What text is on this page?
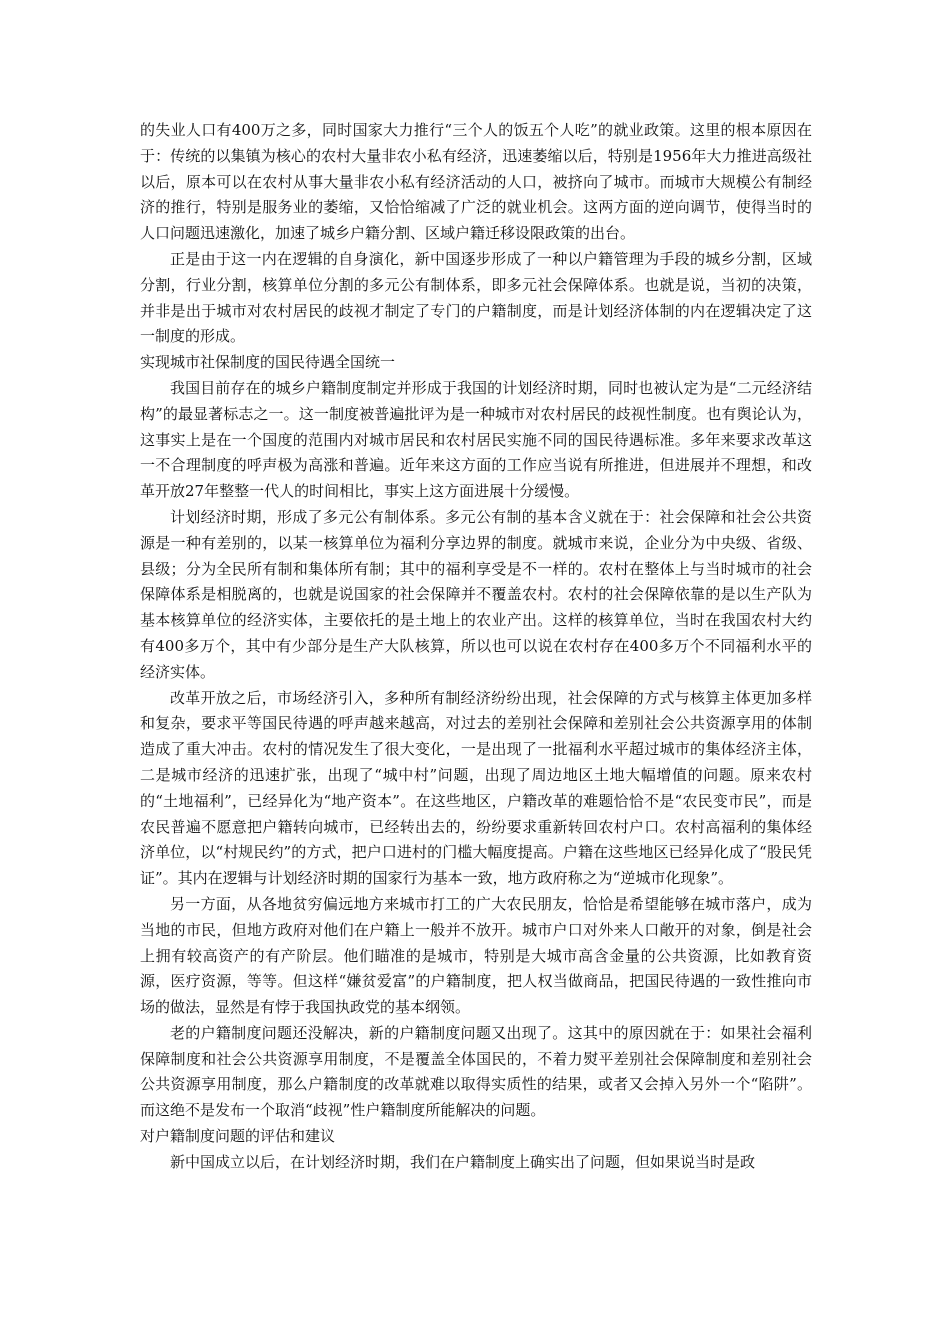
的失业人口有400万之多，同时国家大力推行“三个人的饭五个人吃”的就业政策。这里的根本原因在于：传统的以集镇为核心的农村大量非农小私有经济，迅速萎缩以后，特别是1956年大力推进高级社以后，原本可以在农村从事大量非农小私有经济活动的人口，被挤向了城市。而城市大规模公有制经济的推行，特别是服务业的萎缩，又恰恰缩减了广泛的就业机会。这两方面的逆向调节，使得当时的人口问题迅速激化，加速了城乡户籍分割、区域户籍迁移设限政策的出台。

正是由于这一内在逻辑的自身演化，新中国逐步形成了一种以户籍管理为手段的城乡分割，区域分割，行业分割，核算单位分割的多元公有制体系，即多元社会保障体系。也就是说，当初的决策，并非是出于城市对农村居民的歧视才制定了专门的户籍制度，而是计划经济体制的内在逻辑决定了这一制度的形成。

实现城市社保制度的国民待遇全国统一

我国目前存在的城乡户籍制度制定并形成于我国的计划经济时期，同时也被认定为是“二元经济结构”的最显著标志之一。这一制度被普遍批评为是一种城市对农村居民的歧视性制度。也有舆论认为，这事实上是在一个国度的范围内对城市居民和农村居民实施不同的国民待遇标准。多年来要求改革这一不合理制度的呼声极为高涨和普遍。近年来这方面的工作应当说有所推进，但进展并不理想，和改革开放27年整整一代人的时间相比，事实上这方面进展十分缓慢。

计划经济时期，形成了多元公有制体系。多元公有制的基本含义就在于：社会保障和社会公共资源是一种有差别的，以某一核算单位为福利分享边界的制度。就城市来说，企业分为中央级、省级、县级；分为全民所有制和集体所有制；其中的福利享受是不一样的。农村在整体上与当时城市的社会保障体系是相脱离的，也就是说国家的社会保障并不覆盖农村。农村的社会保障依靠的是以生产队为基本核算单位的经济实体，主要依托的是土地上的农业产出。这样的核算单位，当时在我国农村大约有400多万个，其中有少部分是生产大队核算，所以也可以说在农村存在400多万个不同福利水平的经济实体。

改革开放之后，市场经济引入，多种所有制经济纷纷出现，社会保障的方式与核算主体更加多样和复杂，要求平等国民待遇的呼声越来越高，对过去的差别社会保障和差别社会公共资源享用的体制造成了重大冲击。农村的情况发生了很大变化，一是出现了一批福利水平超过城市的集体经济主体，二是城市经济的迅速扩张，出现了“城中村”问题，出现了周边地区土地大幅增值的问题。原来农村的“土地福利”，已经异化为“地产资本”。在这些地区，户籍改革的难题恰恰不是“农民变市民”，而是农民普遍不愿意把户籍转向城市，已经转出去的，纷纷要求重新转回农村户口。农村高福利的集体经济单位，以“村规民约”的方式，把户口进村的门槛大幅度提高。户籍在这些地区已经异化成了“股民凭证”。其内在逻辑与计划经济时期的国家行为基本一致，地方政府称之为“逆城市化现象”。

另一方面，从各地贫穷偏远地方来城市打工的广大农民朋友，恰恰是希望能够在城市落户，成为当地的市民，但地方政府对他们在户籍上一般并不放开。城市户口对外来人口敞开的对象，倒是社会上拥有较高资产的有产阶层。他们瞄准的是城市，特别是大城市高含金量的公共资源，比如教育资源，医疗资源，等等。但这样“嫌贫爱富”的户籍制度，把人权当做商品，把国民待遇的一致性推向市场的做法，显然是有悖于我国执政党的基本纲领。

老的户籍制度问题还没解决，新的户籍制度问题又出现了。这其中的原因就在于：如果社会福利保障制度和社会公共资源享用制度，不是覆盖全体国民的，不着力熨平差别社会保障制度和差别社会公共资源享用制度，那么户籍制度的改革就难以取得实质性的结果，或者又会掉入另外一个“陷阱”。而这绝不是发布一个取消“歧视”性户籍制度所能解决的问题。

对户籍制度问题的评估和建议

新中国成立以后，在计划经济时期，我们在户籍制度上确实出了问题，但如果说当时是政
